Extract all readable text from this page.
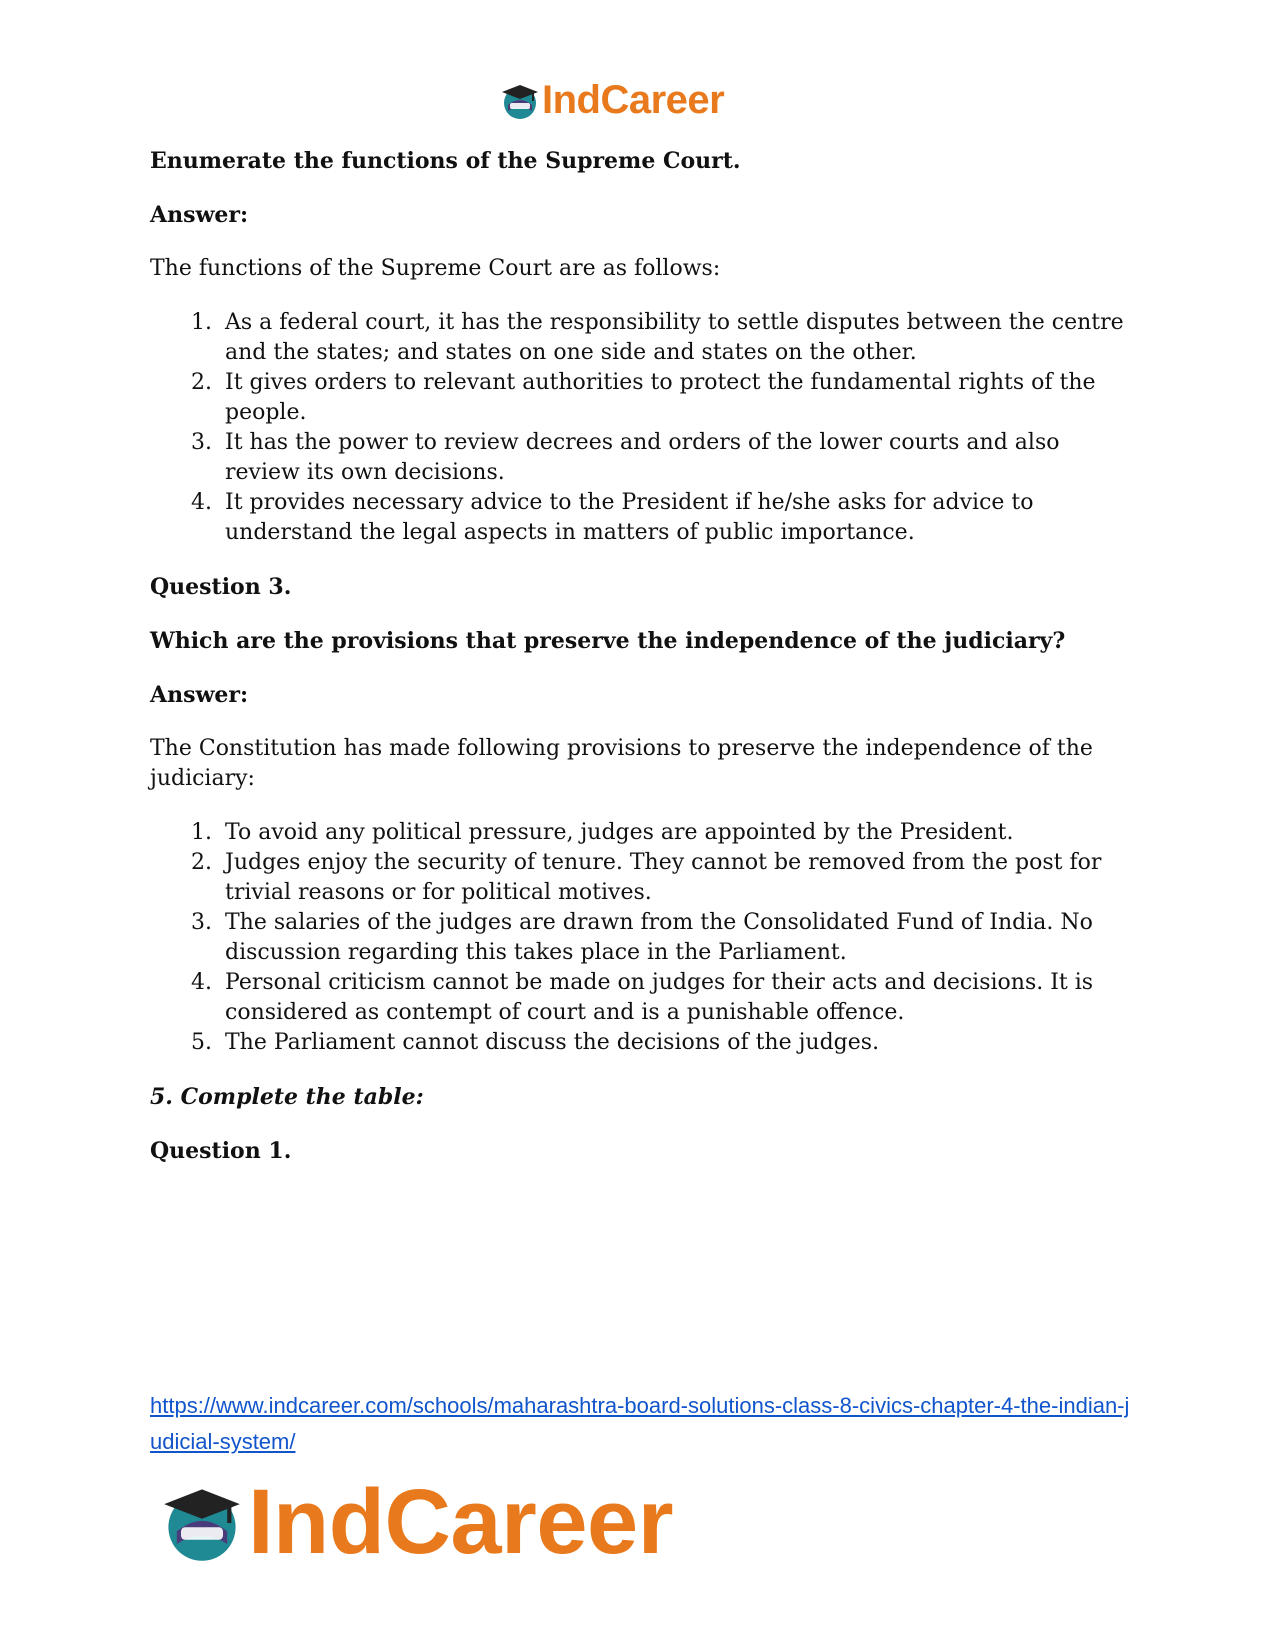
IndCareer

Enumerate the functions of the Supreme Court.

Answer:

The functions of the Supreme Court are as follows:

1. As a federal court, it has the responsibility to settle disputes between the centre and the states; and states on one side and states on the other.
2. It gives orders to relevant authorities to protect the fundamental rights of the people.
3. It has the power to review decrees and orders of the lower courts and also review its own decisions.
4. It provides necessary advice to the President if he/she asks for advice to understand the legal aspects in matters of public importance.

Question 3.

Which are the provisions that preserve the independence of the judiciary?

Answer:

The Constitution has made following provisions to preserve the independence of the judiciary:

1. To avoid any political pressure, judges are appointed by the President.
2. Judges enjoy the security of tenure. They cannot be removed from the post for trivial reasons or for political motives.
3. The salaries of the judges are drawn from the Consolidated Fund of India. No discussion regarding this takes place in the Parliament.
4. Personal criticism cannot be made on judges for their acts and decisions. It is considered as contempt of court and is a punishable offence.
5. The Parliament cannot discuss the decisions of the judges.

5. Complete the table:

Question 1.

https://www.indcareer.com/schools/maharashtra-board-solutions-class-8-civics-chapter-4-the-indian-judicial-system/
IndCareer
